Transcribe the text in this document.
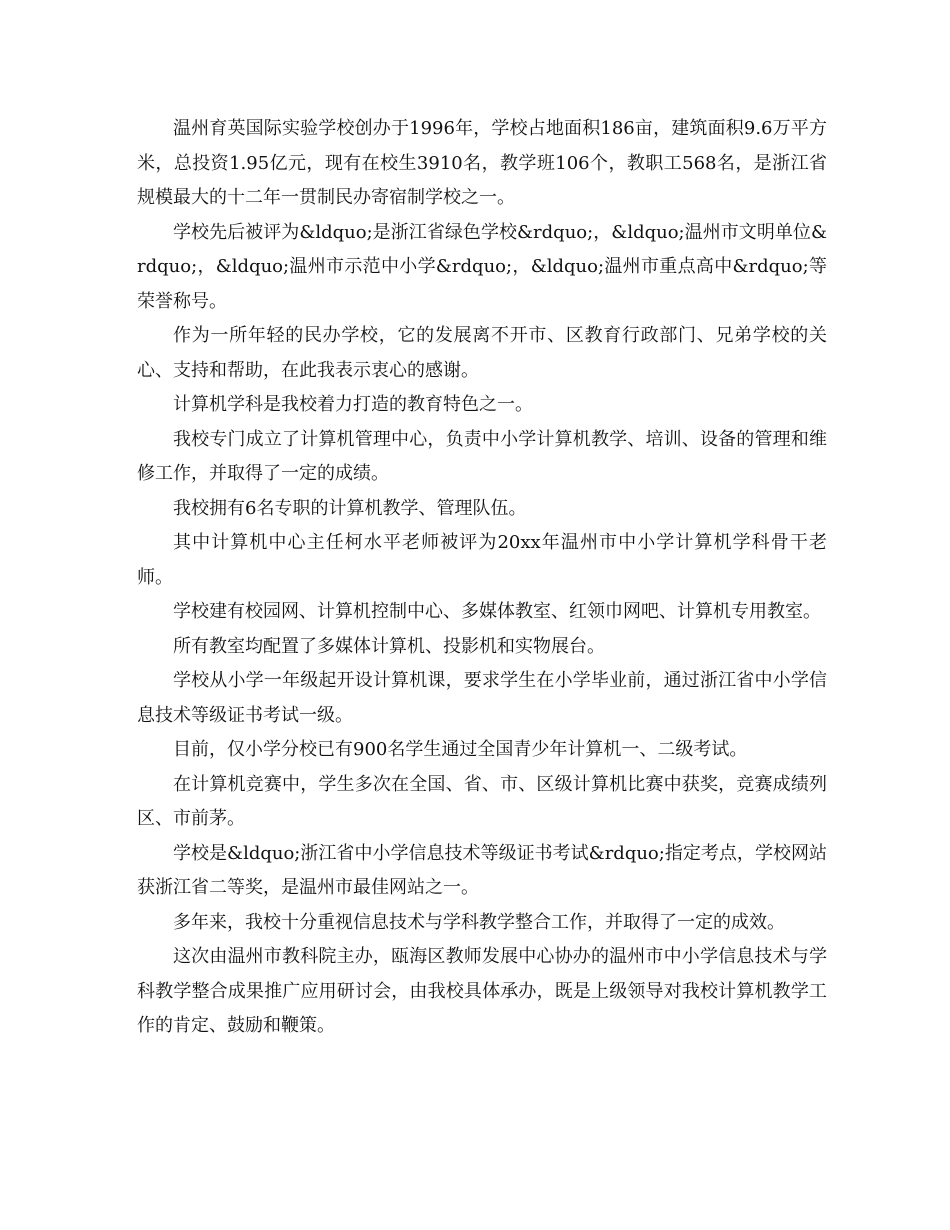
温州育英国际实验学校创办于1996年，学校占地面积186亩，建筑面积9.6万平方米，总投资1.95亿元，现有在校生3910名，教学班106个，教职工568名，是浙江省规模最大的十二年一贯制民办寄宿制学校之一。

学校先后被评为&ldquo;是浙江省绿色学校&rdquo;，&ldquo;温州市文明单位&rdquo;，&ldquo;温州市示范中小学&rdquo;，&ldquo;温州市重点高中&rdquo;等荣誉称号。

作为一所年轻的民办学校，它的发展离不开市、区教育行政部门、兄弟学校的关心、支持和帮助，在此我表示衷心的感谢。

计算机学科是我校着力打造的教育特色之一。

我校专门成立了计算机管理中心，负责中小学计算机教学、培训、设备的管理和维修工作，并取得了一定的成绩。

我校拥有6名专职的计算机教学、管理队伍。

其中计算机中心主任柯水平老师被评为20xx年温州市中小学计算机学科骨干老师。

学校建有校园网、计算机控制中心、多媒体教室、红领巾网吧、计算机专用教室。

所有教室均配置了多媒体计算机、投影机和实物展台。

学校从小学一年级起开设计算机课，要求学生在小学毕业前，通过浙江省中小学信息技术等级证书考试一级。

目前，仅小学分校已有900名学生通过全国青少年计算机一、二级考试。

在计算机竞赛中，学生多次在全国、省、市、区级计算机比赛中获奖，竞赛成绩列区、市前茅。

学校是&ldquo;浙江省中小学信息技术等级证书考试&rdquo;指定考点，学校网站获浙江省二等奖，是温州市最佳网站之一。

多年来，我校十分重视信息技术与学科教学整合工作，并取得了一定的成效。

这次由温州市教科院主办，瓯海区教师发展中心协办的温州市中小学信息技术与学科教学整合成果推广应用研讨会，由我校具体承办，既是上级领导对我校计算机教学工作的肯定、鼓励和鞭策。
